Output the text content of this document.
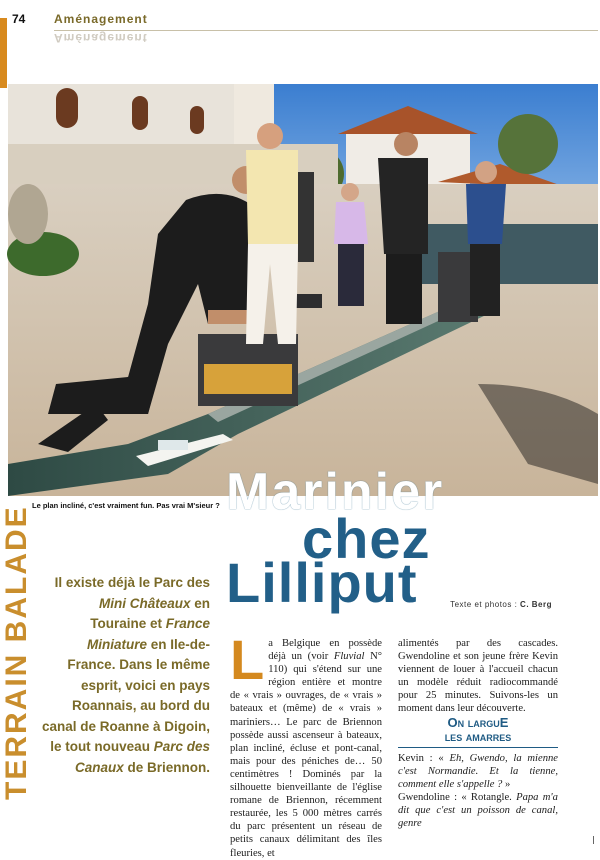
74 Aménagement
Aménagement
Le plan incliné, c'est vraiment fun. Pas vrai M'sieur ?
TERRAIN BALADE
Marinier
chez
Lilliput	Texte et photos : C. Berg
Il existe déjà le Parc des Mini Châteaux en Touraine et France Miniature en Ile-de-France. Dans le même esprit, voici en pays Roannais, au bord du canal de Roanne à Digoin, le tout nouveau Parc des Canaux de Briennon.
La Belgique en possède déjà un (voir Fluvial N° 110) qui s'étend sur une région entière et montre de « vrais » ouvrages, de « vrais » bateaux et (même) de « vrais » mariniers… Le parc de Briennon possède aussi ascenseur à bateaux, plan incliné, écluse et pont-canal, mais pour des péniches de… 50 centimètres ! Dominés par la silhouette bienveillante de l'église romane de Briennon, récemment restaurée, les 5 000 mètres carrés du parc présentent un réseau de petits canaux délimitant des îles fleuries, et
alimentés par des cascades. Gwendoline et son jeune frère Kevin viennent de louer à l'accueil chacun un modèle réduit radiocommandé pour 25 minutes. Suivons-les un moment dans leur découverte.
On larguE
les amarres
Kevin : « Eh, Gwendo, la mienne c'est Normandie. Et la tienne, comment elle s'appelle ? »
Gwendoline : « Rotangle. Papa m'a dit que c'est un poisson de canal, genre
